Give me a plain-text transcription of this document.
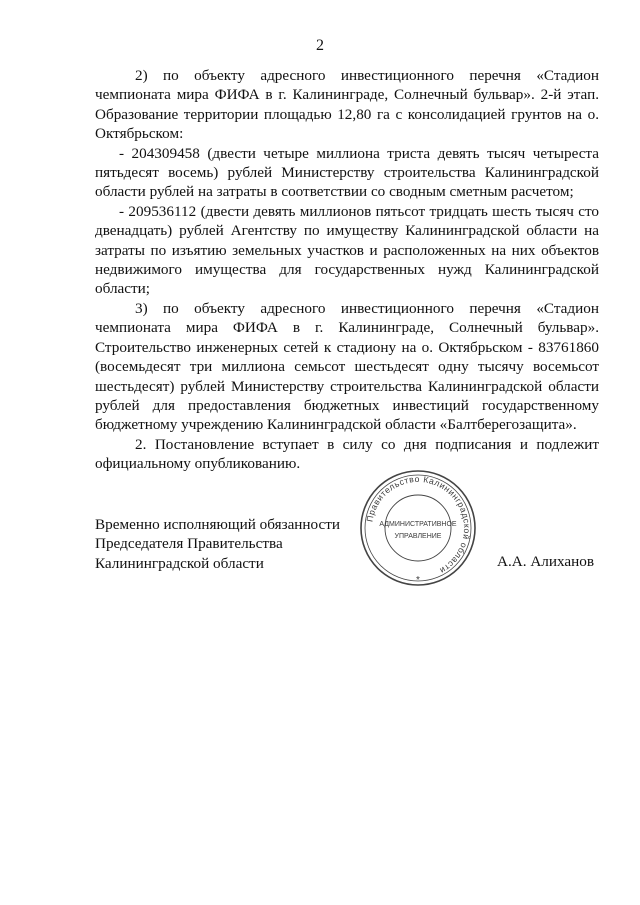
2

2) по объекту адресного инвестиционного перечня «Стадион чемпионата мира ФИФА в г. Калининграде, Солнечный бульвар». 2-й этап. Образование территории площадью 12,80 га с консолидацией грунтов на о. Октябрьском:

- 204309458 (двести четыре миллиона триста девять тысяч четыреста пятьдесят восемь) рублей Министерству строительства Калининградской области рублей на затраты в соответствии со сводным сметным расчетом;

- 209536112 (двести девять миллионов пятьсот тридцать шесть тысяч сто двенадцать) рублей Агентству по имуществу Калининградской области на затраты по изъятию земельных участков и расположенных на них объектов недвижимого имущества для государственных нужд Калининградской области;

3) по объекту адресного инвестиционного перечня «Стадион чемпионата мира ФИФА в г. Калининграде, Солнечный бульвар». Строительство инженерных сетей к стадиону на о. Октябрьском - 83761860 (восемьдесят три миллиона семьсот шестьдесят одну тысячу восемьсот шестьдесят) рублей Министерству строительства Калининградской области рублей для предоставления бюджетных инвестиций государственному бюджетному учреждению Калининградской области «Балтберегозащита».

2. Постановление вступает в силу со дня подписания и подлежит официальному опубликованию.

Временно исполняющий обязанности
Председателя Правительства
Калининградской области	А.А. Алиханов
Правительство Калининградской области
АДМИНИСТРАТИВНОЕ
УПРАВЛЕНИЕ
*
